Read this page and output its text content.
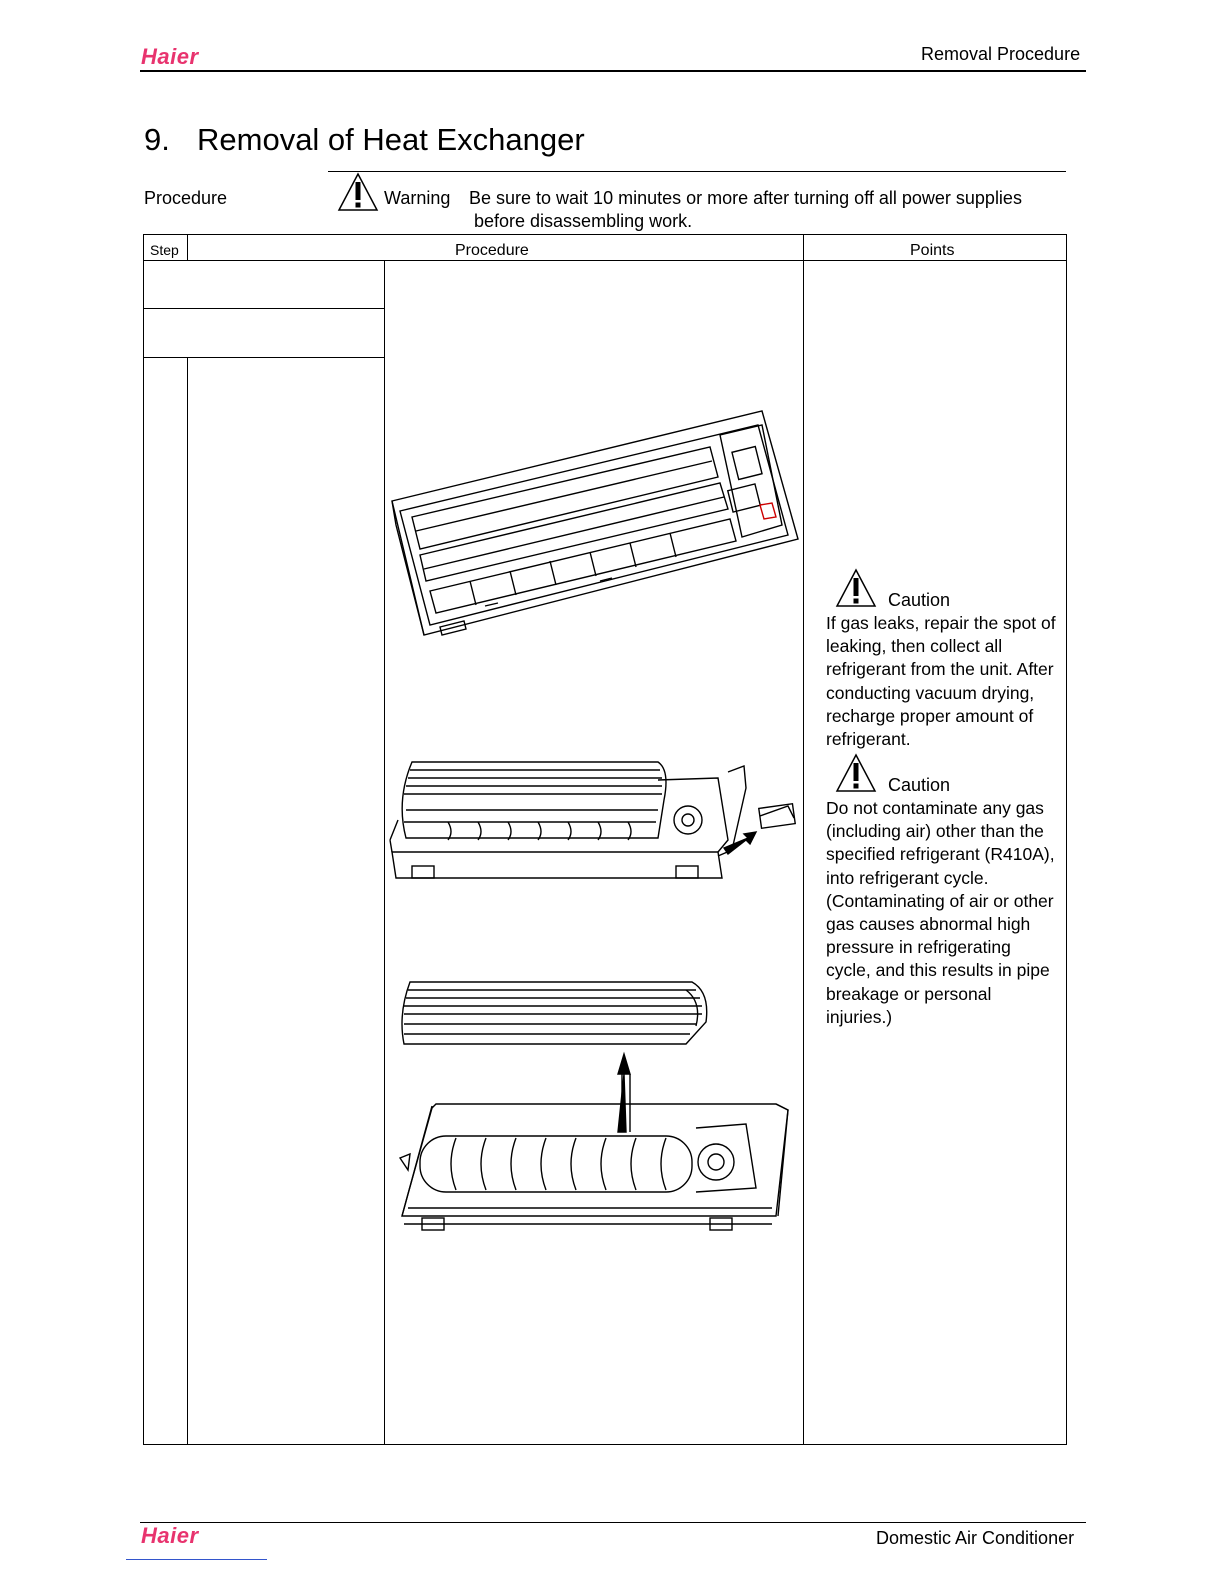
Haier	Removal Procedure
9. Removal of Heat Exchanger
Procedure	Warning Be sure to wait 10 minutes or more after turning off all power supplies
before disassembling work.
Step	Procedure	Points
Caution
If gas leaks, repair the spot of
leaking, then collect all
refrigerant from the unit. After
conducting vacuum drying,
recharge proper amount of
refrigerant.
Caution
Do not contaminate any gas
(including air) other than the
specified refrigerant (R410A),
into refrigerant cycle.
(Contaminating of air or other
gas causes abnormal high
pressure in refrigerating
cycle, and this results in pipe
breakage or personal
injuries.)
Haier	Domestic Air Conditioner
